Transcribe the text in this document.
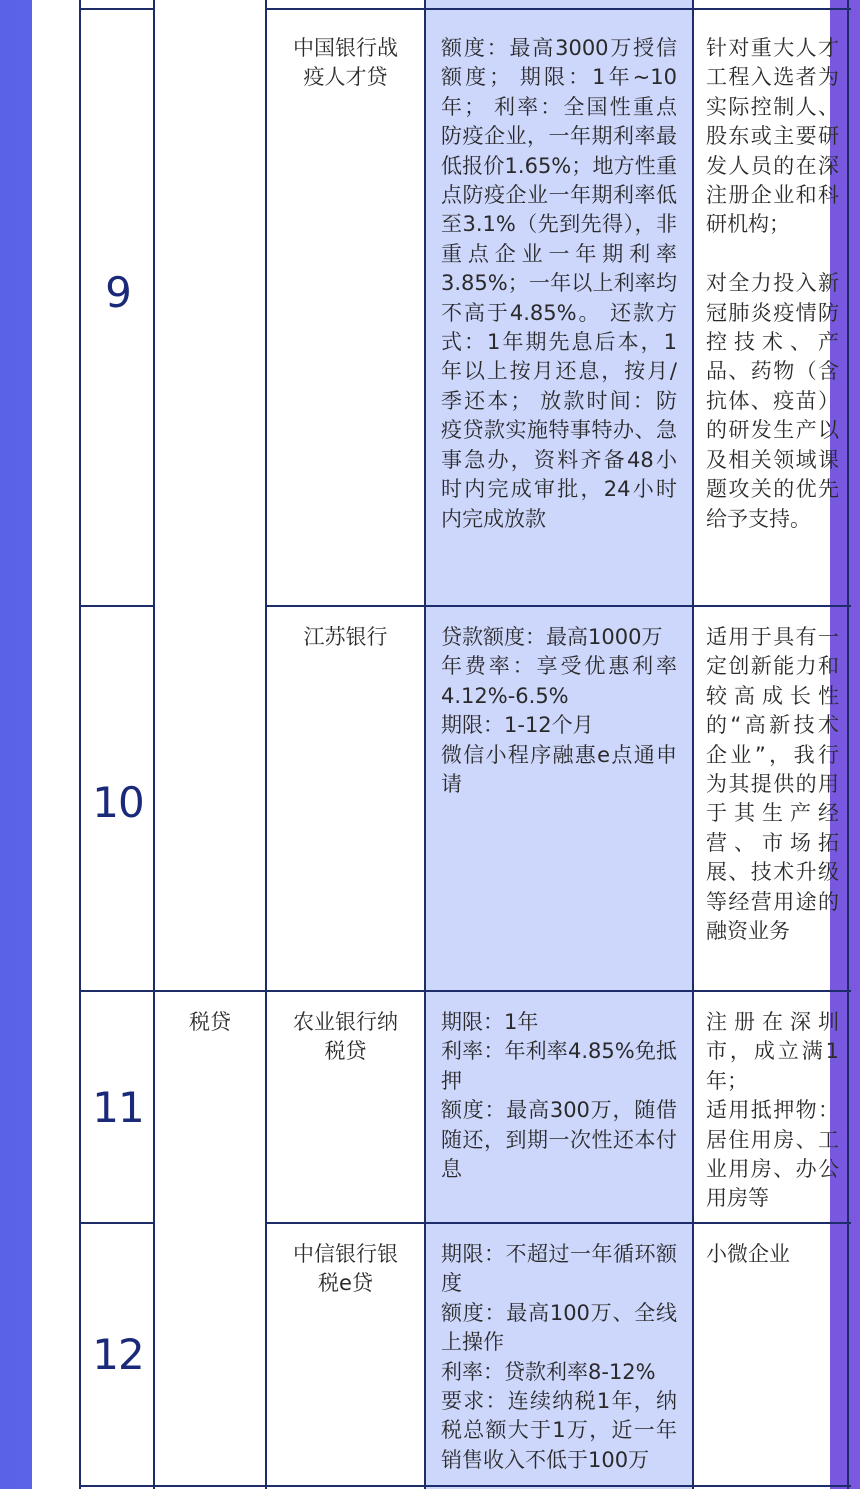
9
中国银行战
疫人才贷
额度：最高3000万授信额度； 期限：1年~10年； 利率：全国性重点防疫企业，一年期利率最低报价1.65%；地方性重点防疫企业一年期利率低至3.1%（先到先得），非重点企业一年期利率3.85%；一年以上利率均不高于4.85%。 还款方式：1年期先息后本，1年以上按月还息，按月/季还本； 放款时间：防疫贷款实施特事特办、急事急办，资料齐备48小时内完成审批，24小时内完成放款
针对重大人才工程入选者为实际控制人、股东或主要研发人员的在深注册企业和科研机构；

对全力投入新冠肺炎疫情防控技术、产品、药物（含抗体、疫苗）的研发生产以及相关领域课题攻关的优先给予支持。
10
江苏银行	贷款额度：最高1000万
年费率：享受优惠利率4.12%-6.5%
期限：1-12个月
微信小程序融惠e点通申请
适用于具有一定创新能力和较高成长性的“高新技术企业”，我行为其提供的用于其生产经营、市场拓展、技术升级等经营用途的融资业务
税贷
11
农业银行纳
税贷
期限：1年
利率：年利率4.85%免抵押
额度：最高300万，随借随还，到期一次性还本付息
注册在深圳市，成立满1年；
适用抵押物：居住用房、工业用房、办公用房等
12
中信银行银
税e贷
期限：不超过一年循环额度
额度：最高100万、全线上操作
利率：贷款利率8-12%
要求：连续纳税1年，纳税总额大于1万，近一年销售收入不低于100万
小微企业
